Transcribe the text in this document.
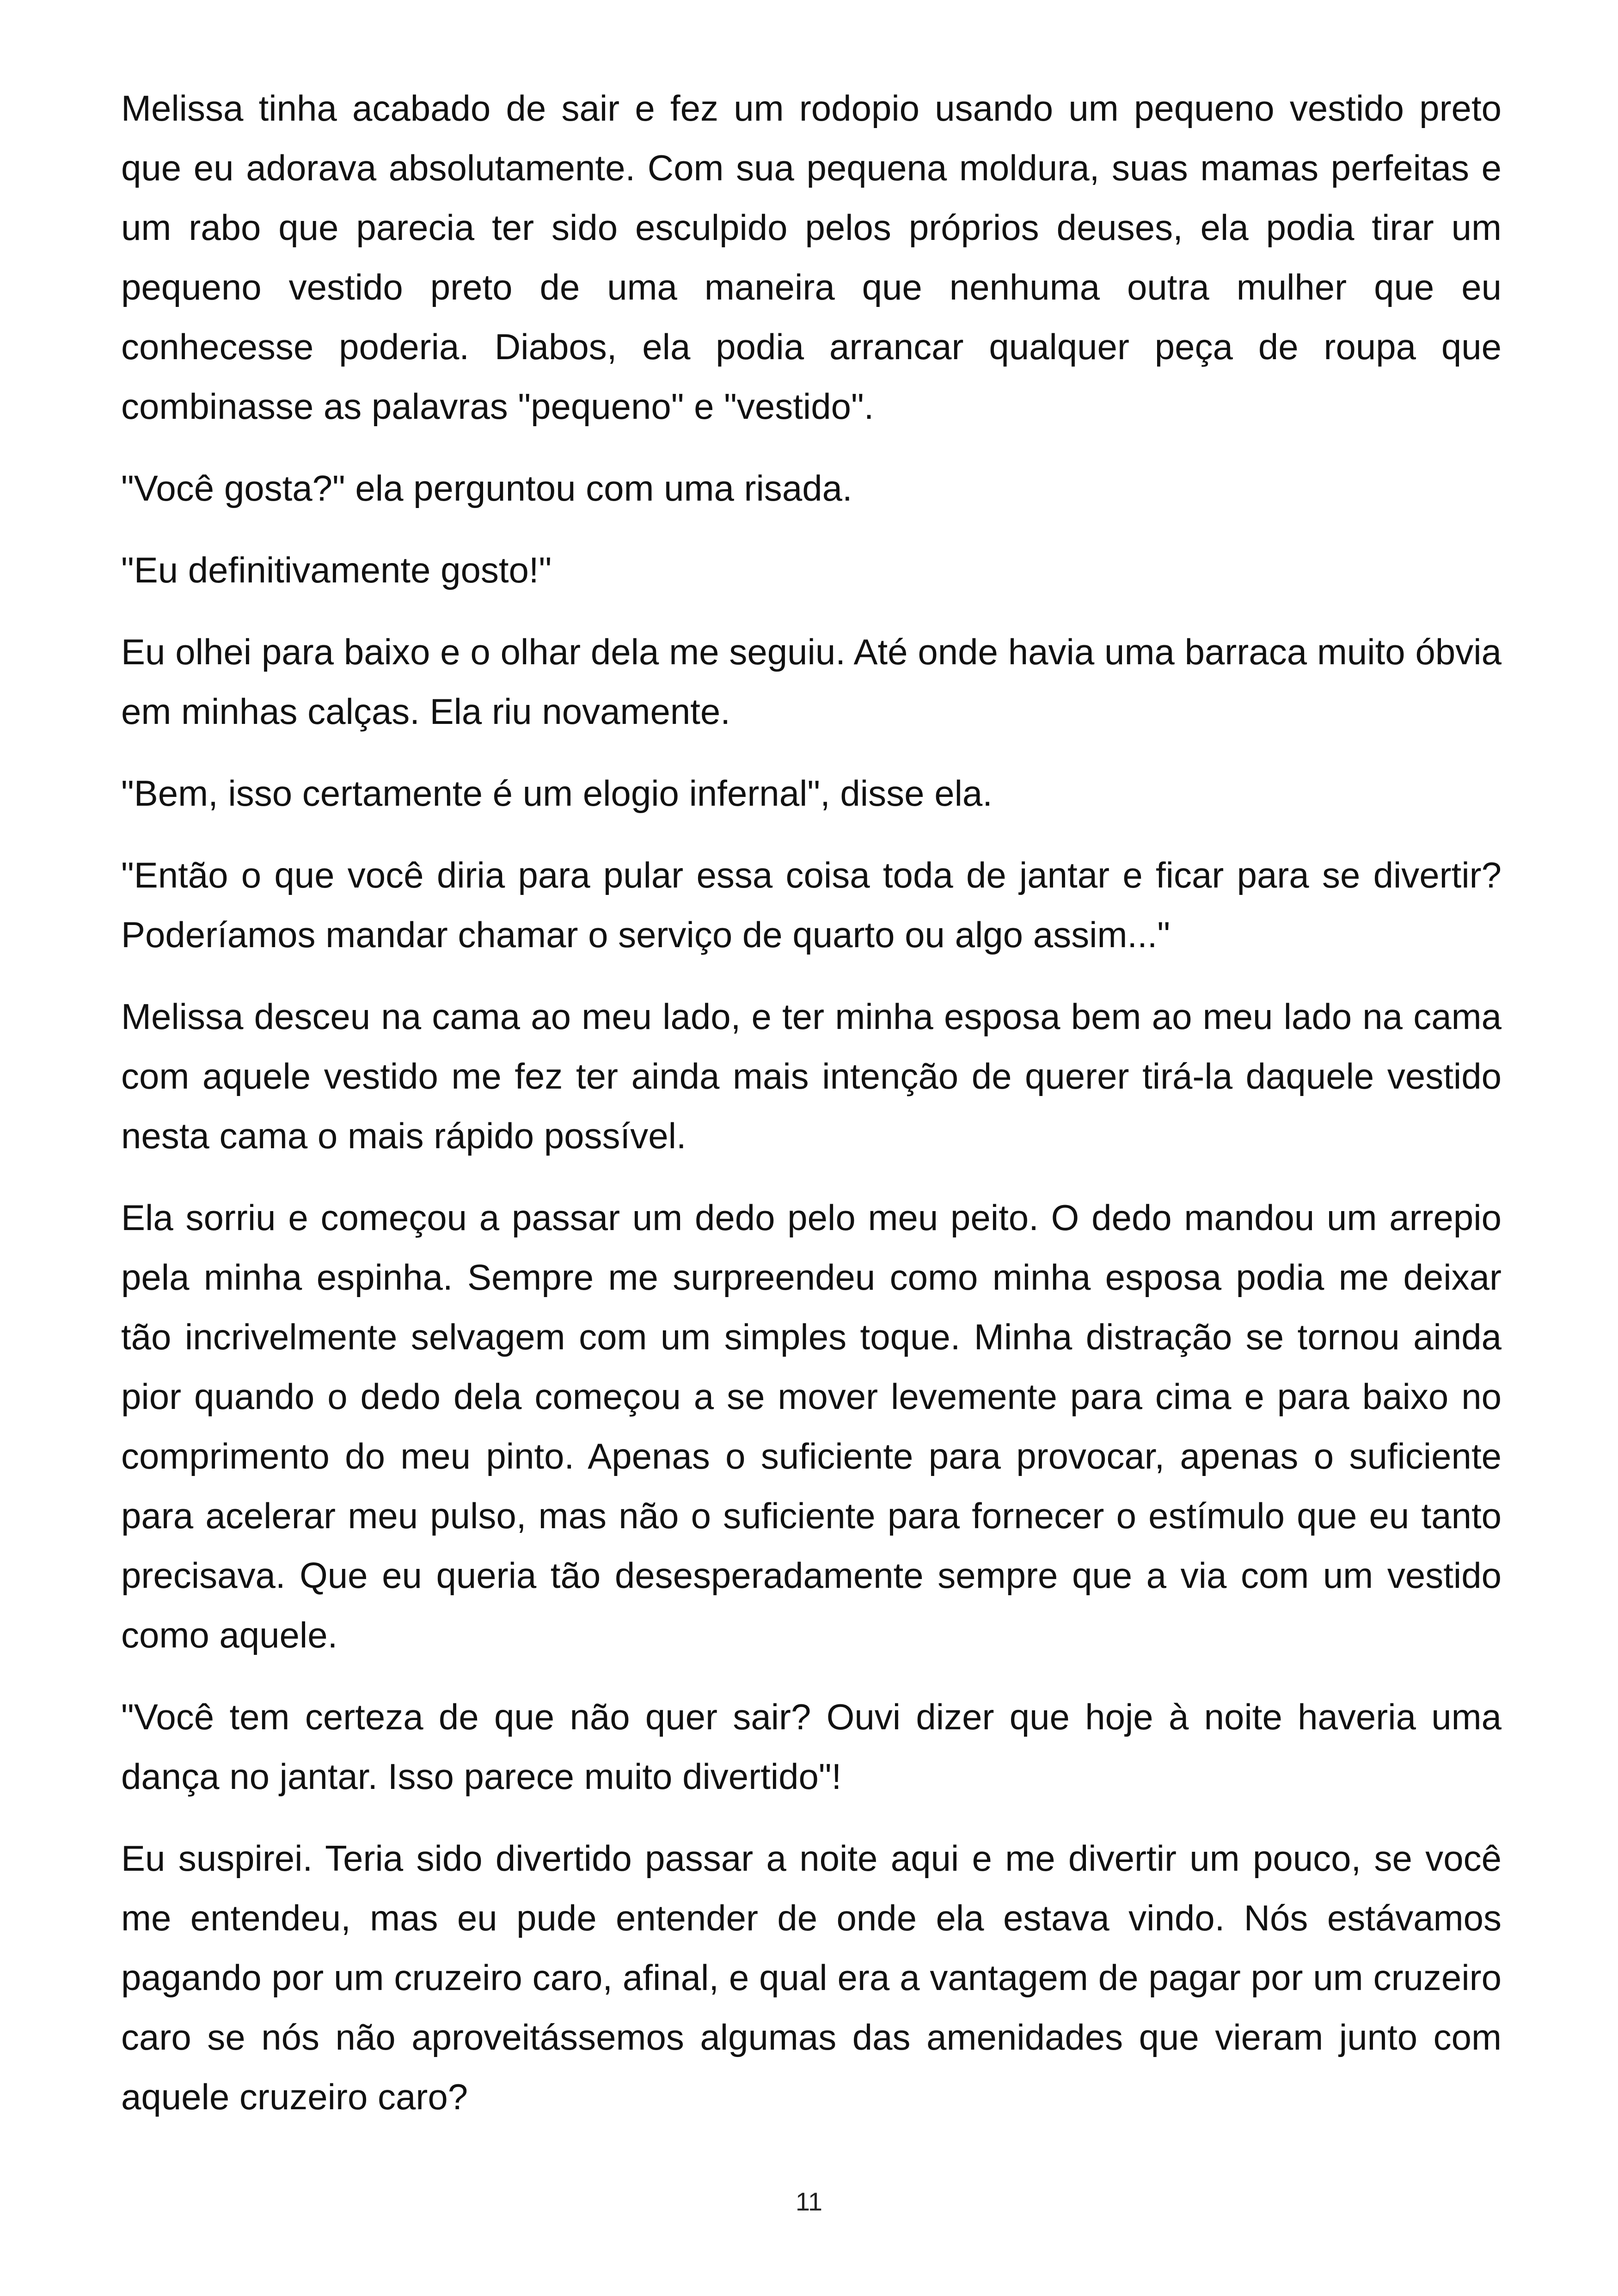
Melissa tinha acabado de sair e fez um rodopio usando um pequeno vestido preto que eu adorava absolutamente. Com sua pequena moldura, suas mamas perfeitas e um rabo que parecia ter sido esculpido pelos próprios deuses, ela podia tirar um pequeno vestido preto de uma maneira que nenhuma outra mulher que eu conhecesse poderia. Diabos, ela podia arrancar qualquer peça de roupa que combinasse as palavras "pequeno" e "vestido".

"Você gosta?" ela perguntou com uma risada.

"Eu definitivamente gosto!"

Eu olhei para baixo e o olhar dela me seguiu. Até onde havia uma barraca muito óbvia em minhas calças. Ela riu novamente.

"Bem, isso certamente é um elogio infernal", disse ela.

"Então o que você diria para pular essa coisa toda de jantar e ficar para se divertir? Poderíamos mandar chamar o serviço de quarto ou algo assim..."

Melissa desceu na cama ao meu lado, e ter minha esposa bem ao meu lado na cama com aquele vestido me fez ter ainda mais intenção de querer tirá-la daquele vestido nesta cama o mais rápido possível.

Ela sorriu e começou a passar um dedo pelo meu peito. O dedo mandou um arrepio pela minha espinha. Sempre me surpreendeu como minha esposa podia me deixar tão incrivelmente selvagem com um simples toque. Minha distração se tornou ainda pior quando o dedo dela começou a se mover levemente para cima e para baixo no comprimento do meu pinto. Apenas o suficiente para provocar, apenas o suficiente para acelerar meu pulso, mas não o suficiente para fornecer o estímulo que eu tanto precisava. Que eu queria tão desesperadamente sempre que a via com um vestido como aquele.

"Você tem certeza de que não quer sair? Ouvi dizer que hoje à noite haveria uma dança no jantar. Isso parece muito divertido"!

Eu suspirei. Teria sido divertido passar a noite aqui e me divertir um pouco, se você me entendeu, mas eu pude entender de onde ela estava vindo. Nós estávamos pagando por um cruzeiro caro, afinal, e qual era a vantagem de pagar por um cruzeiro caro se nós não aproveitássemos algumas das amenidades que vieram junto com aquele cruzeiro caro?

11
